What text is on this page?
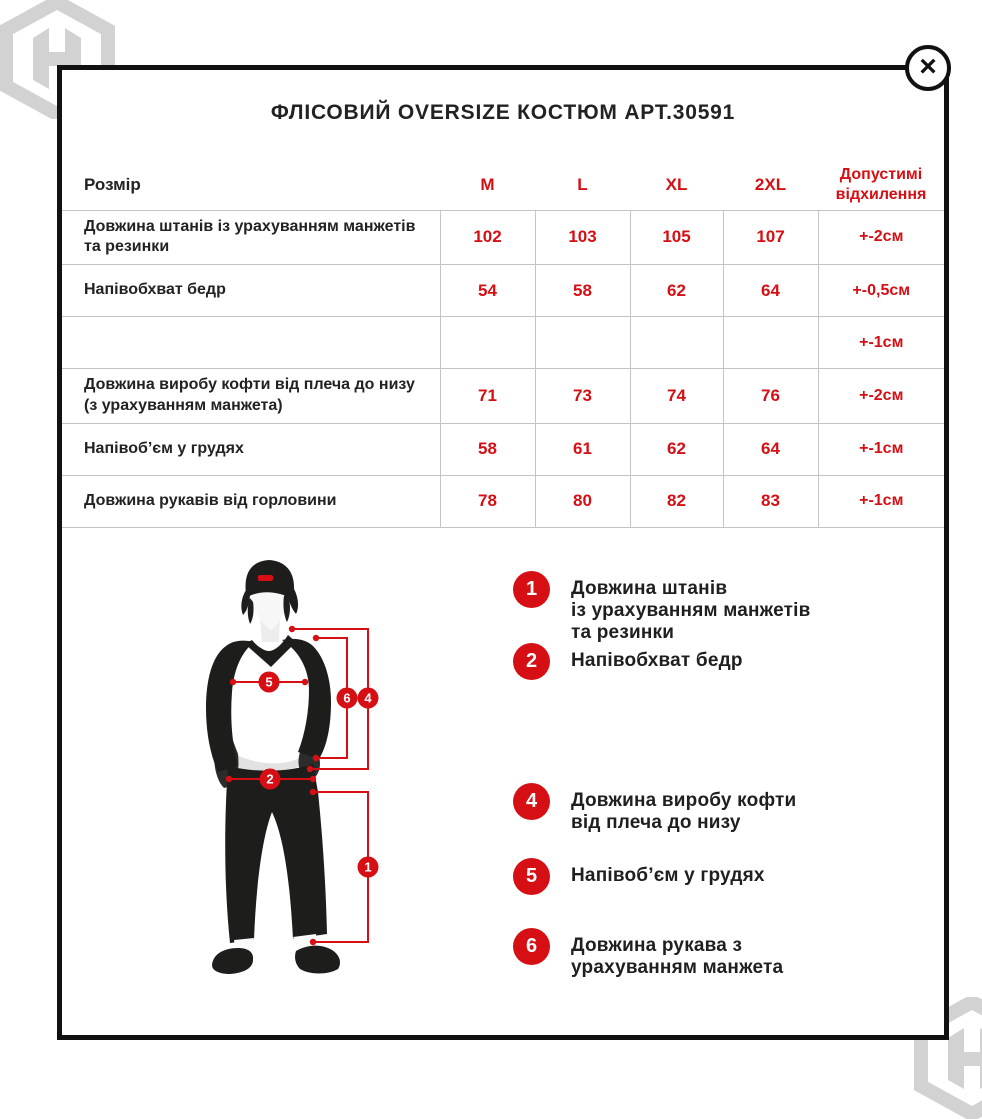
ФЛІСОВИЙ OVERSIZE КОСТЮМ АРТ.30591
Розмір	M	L	XL	2XL	Допустимі відхилення
Довжина штанів із урахуванням манжетів та резинки	102	103	105	107	+-2см
Напівобхват бедр	54	58	62	64	+-0,5см
					+-1см
Довжина виробу кофти від плеча до низу (з урахуванням манжета)	71	73	74	76	+-2см
Напівоб’єм у грудях	58	61	62	64	+-1см
Довжина рукавів від горловини	78	80	82	83	+-1см
5
2
6 4
1
1	Довжина штанів
із урахуванням манжетів
та резинки
2	Напівобхват бедр
4	Довжина виробу кофти
від плеча до низу
5	Напівоб’єм у грудях
6	Довжина рукава з
урахуванням манжета
×
